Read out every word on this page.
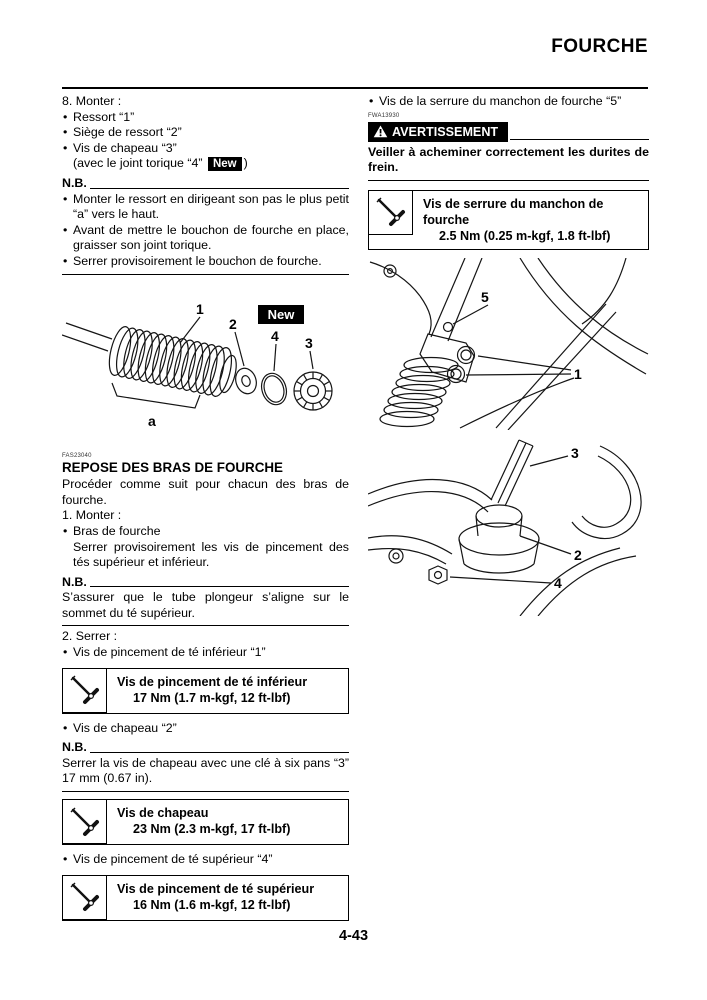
FOURCHE

8. Monter :

• Ressort “1”
• Siège de ressort “2”
• Vis de chapeau “3”
(avec le joint torique “4” New )
N.B.
• Monter le ressort en dirigeant son pas le plus petit “a” vers le haut.
• Avant de mettre le bouchon de fourche en place, graisser son joint torique.
• Serrer provisoirement le bouchon de fourche.
1
a
2
New
4 3
FAS23040
REPOSE DES BRAS DE FOURCHE

Procéder comme suit pour chacun des bras de fourche.

1. Monter :

• Bras de fourche

Serrer provisoirement les vis de pincement des tés supérieur et inférieur.

N.B.

S’assurer que le tube plongeur s’aligne sur le sommet du té supérieur.

2. Serrer :

• Vis de pincement de té inférieur “1”
Vis de pincement de té inférieur
17 Nm (1.7 m-kgf, 12 ft-lbf)
• Vis de chapeau “2”
N.B.

Serrer la vis de chapeau avec une clé à six pans “3” 17 mm (0.67 in).

Vis de chapeau
23 Nm (2.3 m-kgf, 17 ft-lbf)
• Vis de pincement de té supérieur “4”
Vis de pincement de té supérieur
16 Nm (1.6 m-kgf, 12 ft-lbf)
• Vis de la serrure du manchon de fourche “5”
FWA13930
AVERTISSEMENT

Veiller à acheminer correctement les durites de frein.

Vis de serrure du manchon de fourche
2.5 Nm (0.25 m-kgf, 1.8 ft-lbf)
5
1
3
2
4
4-43
